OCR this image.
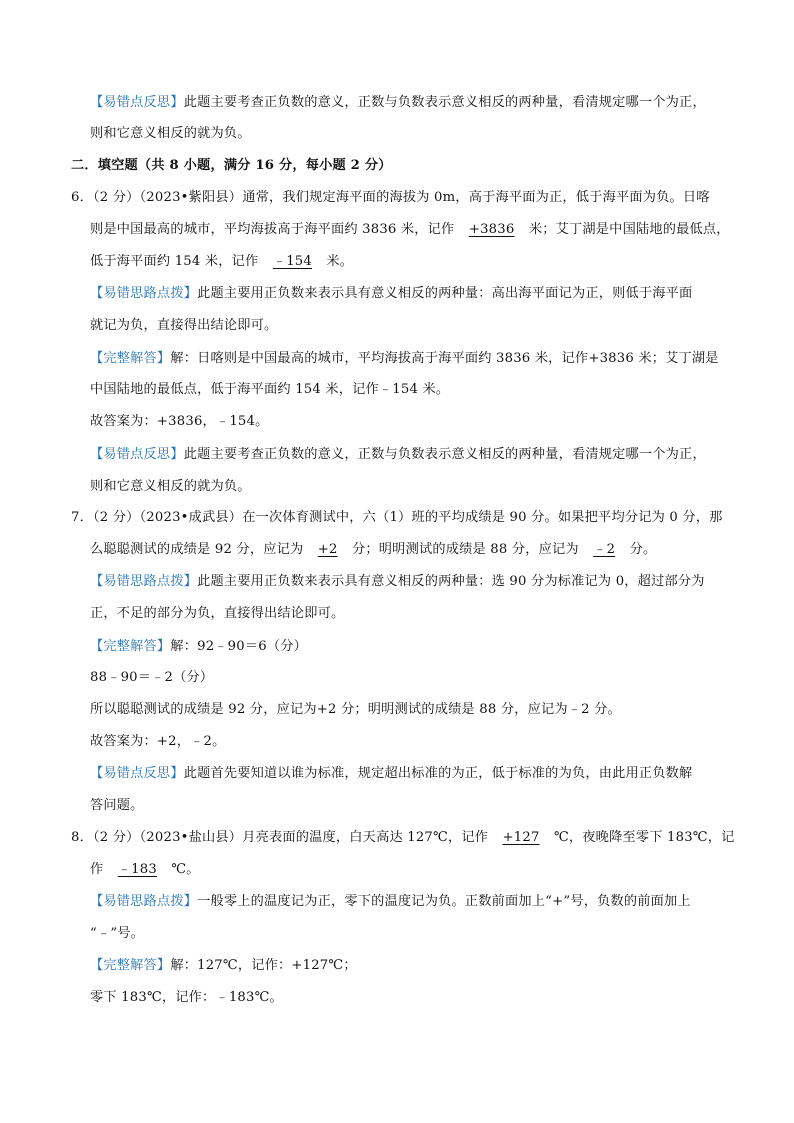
【易错点反思】此题主要考查正负数的意义，正数与负数表示意义相反的两种量，看清规定哪一个为正，
则和它意义相反的就为负。
二．填空题（共 8 小题，满分 16 分，每小题 2 分）
6．（2 分）（2023•紫阳县）通常，我们规定海平面的海拔为 0m，高于海平面为正，低于海平面为负。日喀
则是中国最高的城市，平均海拔高于海平面约 3836 米，记作 +3836 米；艾丁湖是中国陆地的最低点，
低于海平面约 154 米，记作 ﹣154 米。
【易错思路点拨】此题主要用正负数来表示具有意义相反的两种量：高出海平面记为正，则低于海平面
就记为负，直接得出结论即可。
【完整解答】解：日喀则是中国最高的城市，平均海拔高于海平面约 3836 米，记作+3836 米；艾丁湖是
中国陆地的最低点，低于海平面约 154 米，记作﹣154 米。
故答案为：+3836，﹣154。
【易错点反思】此题主要考查正负数的意义，正数与负数表示意义相反的两种量，看清规定哪一个为正，
则和它意义相反的就为负。
7．（2 分）（2023•成武县）在一次体育测试中，六（1）班的平均成绩是 90 分。如果把平均分记为 0 分，那
么聪聪测试的成绩是 92 分，应记为 +2 分；明明测试的成绩是 88 分，应记为 ﹣2 分。
【易错思路点拨】此题主要用正负数来表示具有意义相反的两种量：选 90 分为标准记为 0，超过部分为
正，不足的部分为负，直接得出结论即可。
【完整解答】解：92﹣90＝6（分）
88﹣90＝﹣2（分）
所以聪聪测试的成绩是 92 分，应记为+2 分；明明测试的成绩是 88 分，应记为﹣2 分。
故答案为：+2，﹣2。
【易错点反思】此题首先要知道以谁为标准，规定超出标准的为正，低于标准的为负，由此用正负数解
答问题。
8．（2 分）（2023•盐山县）月亮表面的温度，白天高达 127℃，记作 +127 ℃，夜晚降至零下 183℃，记
作 ﹣183 ℃。
【易错思路点拨】一般零上的温度记为正，零下的温度记为负。正数前面加上“+”号，负数的前面加上
“﹣”号。
【完整解答】解：127℃，记作：+127℃；
零下 183℃，记作：﹣183℃。
